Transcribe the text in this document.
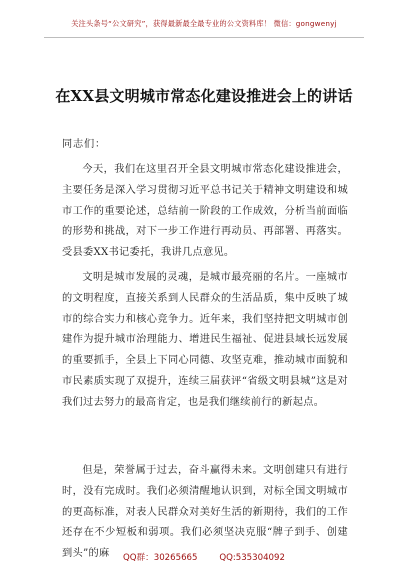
关注头条号“公文研究”，获得最新最全最专业的公文资料库！ 微信：gongwenyj
在XX县文明城市常态化建设推进会上的讲话
同志们：

今天，我们在这里召开全县文明城市常态化建设推进会，主要任务是深入学习贯彻习近平总书记关于精神文明建设和城市工作的重要论述，总结前一阶段的工作成效，分析当前面临的形势和挑战，对下一步工作进行再动员、再部署、再落实。受县委XX书记委托，我讲几点意见。

文明是城市发展的灵魂，是城市最亮丽的名片。一座城市的文明程度，直接关系到人民群众的生活品质，集中反映了城市的综合实力和核心竞争力。近年来，我们坚持把文明城市创建作为提升城市治理能力、增进民生福祉、促进县域长远发展的重要抓手，全县上下同心同德、攻坚克难，推动城市面貌和市民素质实现了双提升，连续三届获评“省级文明县城”这是对我们过去努力的最高肯定，也是我们继续前行的新起点。

但是，荣誉属于过去，奋斗赢得未来。文明创建只有进行时，没有完成时。我们必须清醒地认识到，对标全国文明城市的更高标准，对表人民群众对美好生活的新期待，我们的工作还存在不少短板和弱项。我们必须坚决克服“牌子到手、创建到头”的麻	QQ群：30265665        QQ:535304092
